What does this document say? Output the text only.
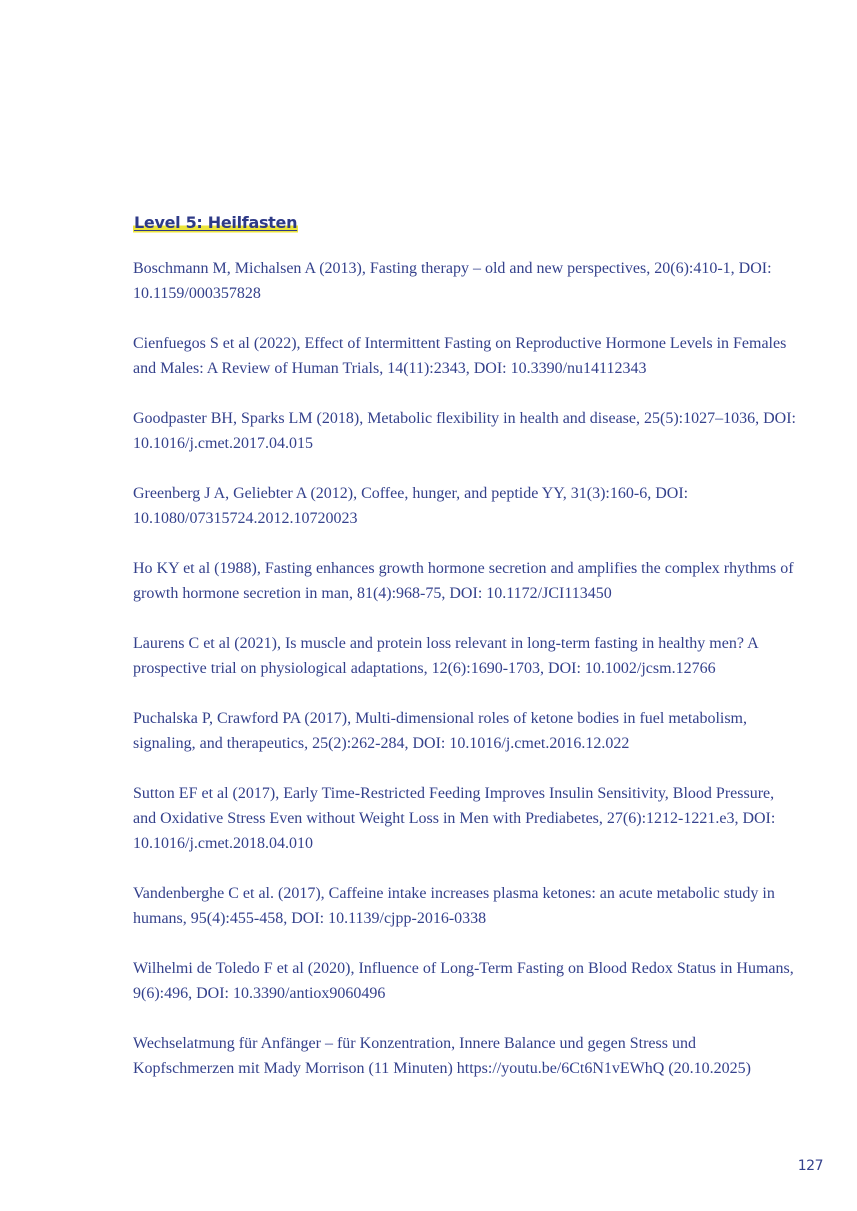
Level 5: Heilfasten
Boschmann M, Michalsen A (2013), Fasting therapy – old and new perspectives, 20(6):410-1, DOI: 10.1159/000357828
Cienfuegos S et al (2022), Effect of Intermittent Fasting on Reproductive Hormone Levels in Females and Males: A Review of Human Trials, 14(11):2343, DOI: 10.3390/nu14112343
Goodpaster BH, Sparks LM (2018), Metabolic flexibility in health and disease, 25(5):1027–1036, DOI: 10.1016/j.cmet.2017.04.015
Greenberg J A, Geliebter A (2012), Coffee, hunger, and peptide YY, 31(3):160-6, DOI: 10.1080/07315724.2012.10720023
Ho KY et al (1988), Fasting enhances growth hormone secretion and amplifies the complex rhythms of growth hormone secretion in man, 81(4):968-75, DOI: 10.1172/JCI113450
Laurens C et al (2021), Is muscle and protein loss relevant in long-term fasting in healthy men? A prospective trial on physiological adaptations, 12(6):1690-1703, DOI: 10.1002/jcsm.12766
Puchalska P, Crawford PA (2017), Multi-dimensional roles of ketone bodies in fuel metabolism, signaling, and therapeutics, 25(2):262-284, DOI: 10.1016/j.cmet.2016.12.022
Sutton EF et al (2017), Early Time-Restricted Feeding Improves Insulin Sensitivity, Blood Pressure, and Oxidative Stress Even without Weight Loss in Men with Prediabetes, 27(6):1212-1221.e3, DOI: 10.1016/j.cmet.2018.04.010
Vandenberghe C et al. (2017), Caffeine intake increases plasma ketones: an acute metabolic study in humans, 95(4):455-458, DOI: 10.1139/cjpp-2016-0338
Wilhelmi de Toledo F et al (2020), Influence of Long-Term Fasting on Blood Redox Status in Humans, 9(6):496, DOI: 10.3390/antiox9060496
Wechselatmung für Anfänger – für Konzentration, Innere Balance und gegen Stress und Kopfschmerzen mit Mady Morrison (11 Minuten) https://youtu.be/6Ct6N1vEWhQ (20.10.2025)
127
